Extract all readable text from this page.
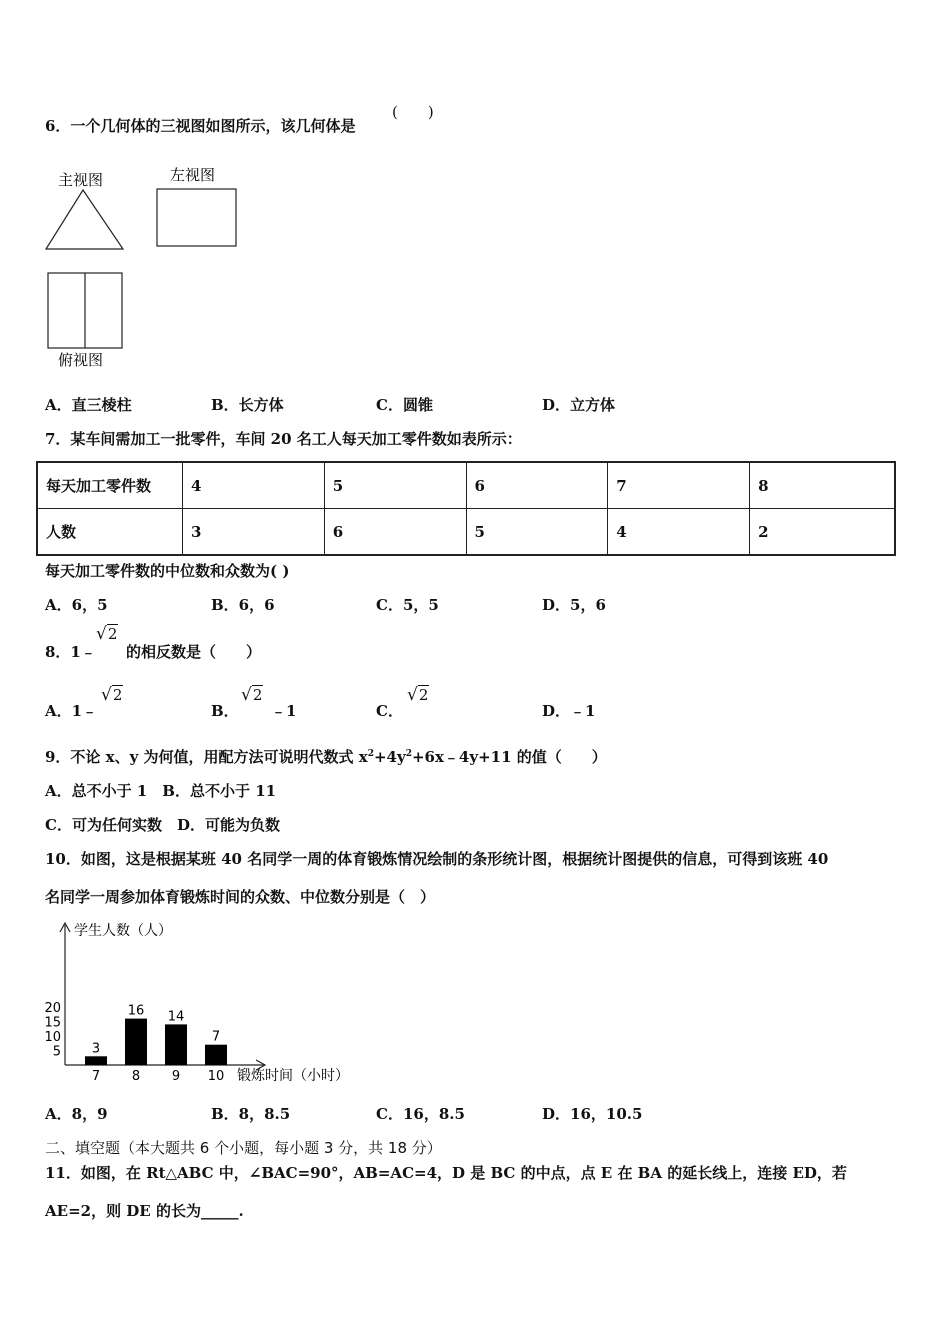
6．一个几何体的三视图如图所示，该几何体是
(　　)
主视图	左视图
俯视图
A．直三棱柱	B．长方体	C．圆锥	D．立方体
7．某车间需加工一批零件，车间 20 名工人每天加工零件数如表所示：
每天加工零件数	4	5	6	7	8
人数	3	6	5	4	2
每天加工零件数的中位数和众数为( )
A．6，5	B．6，6	C．5，5	D．5，6
8．1﹣
√2
的相反数是（　　）
A．1﹣
√2
B．
√2
﹣1	C．
√2
D．﹣1
9．不论 x、y 为何值，用配方法可说明代数式 $x^2+4y^2+6x﹣4y+11$ 的值（　　）
A．总不小于 1　B．总不小于 11
C．可为任何实数　D．可能为负数
10．如图，这是根据某班 40 名同学一周的体育锻炼情况绘制的条形统计图，根据统计图提供的信息，可得到该班 40
名同学一周参加体育锻炼时间的众数、中位数分别是（　）
学生人数（人）
锻炼时间（小时）
5
10
15
20
3
7
16
8
14
9
7
10
A．8，9	B．8，8.5	C．16，8.5	D．16，10.5
二、填空题（本大题共 6 个小题，每小题 3 分，共 18 分）
11．如图，在 Rt△ABC 中，∠BAC=90°，AB=AC=4，D 是 BC 的中点，点 E 在 BA 的延长线上，连接 ED，若
AE=2，则 DE 的长为_____.
